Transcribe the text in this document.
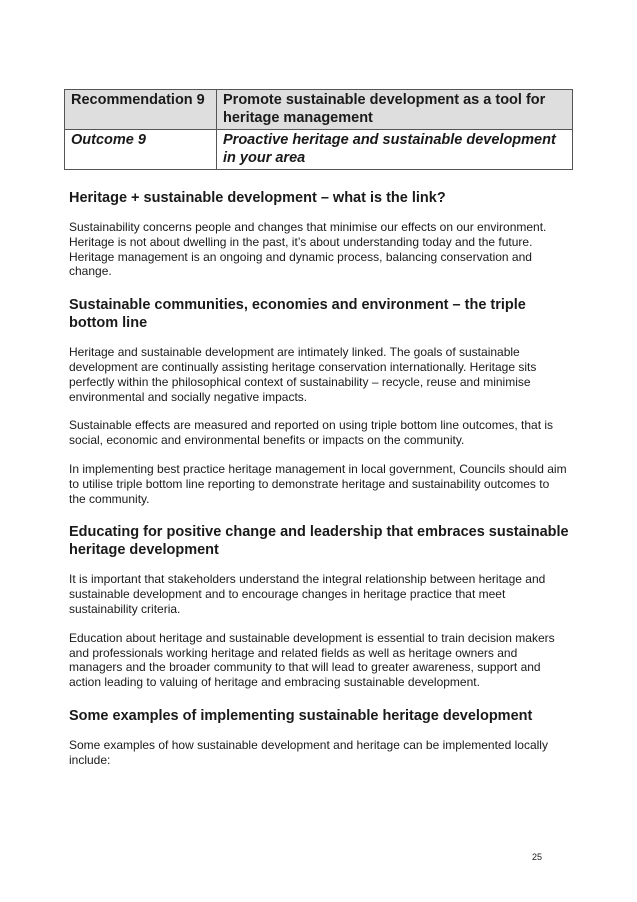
Recommendation 9	Promote sustainable development as a tool for heritage management
Outcome 9	Proactive heritage and sustainable development in your area
Heritage + sustainable development – what is the link?

Sustainability concerns people and changes that minimise our effects on our environment. Heritage is not about dwelling in the past, it’s about understanding today and the future. Heritage management is an ongoing and dynamic process, balancing conservation and change.

Sustainable communities, economies and environment – the triple bottom line

Heritage and sustainable development are intimately linked. The goals of sustainable development are continually assisting heritage conservation internationally. Heritage sits perfectly within the philosophical context of sustainability – recycle, reuse and minimise environmental and socially negative impacts.

Sustainable effects are measured and reported on using triple bottom line outcomes, that is social, economic and environmental benefits or impacts on the community.

In implementing best practice heritage management in local government, Councils should aim to utilise triple bottom line reporting to demonstrate heritage and sustainability outcomes to the community.

Educating for positive change and leadership that embraces sustainable heritage development

It is important that stakeholders understand the integral relationship between heritage and sustainable development and to encourage changes in heritage practice that meet sustainability criteria.

Education about heritage and sustainable development is essential to train decision makers and professionals working heritage and related fields as well as heritage owners and managers and the broader community to that will lead to greater awareness, support and action leading to valuing of heritage and embracing sustainable development.

Some examples of implementing sustainable heritage development

Some examples of how sustainable development and heritage can be implemented locally include:

25
